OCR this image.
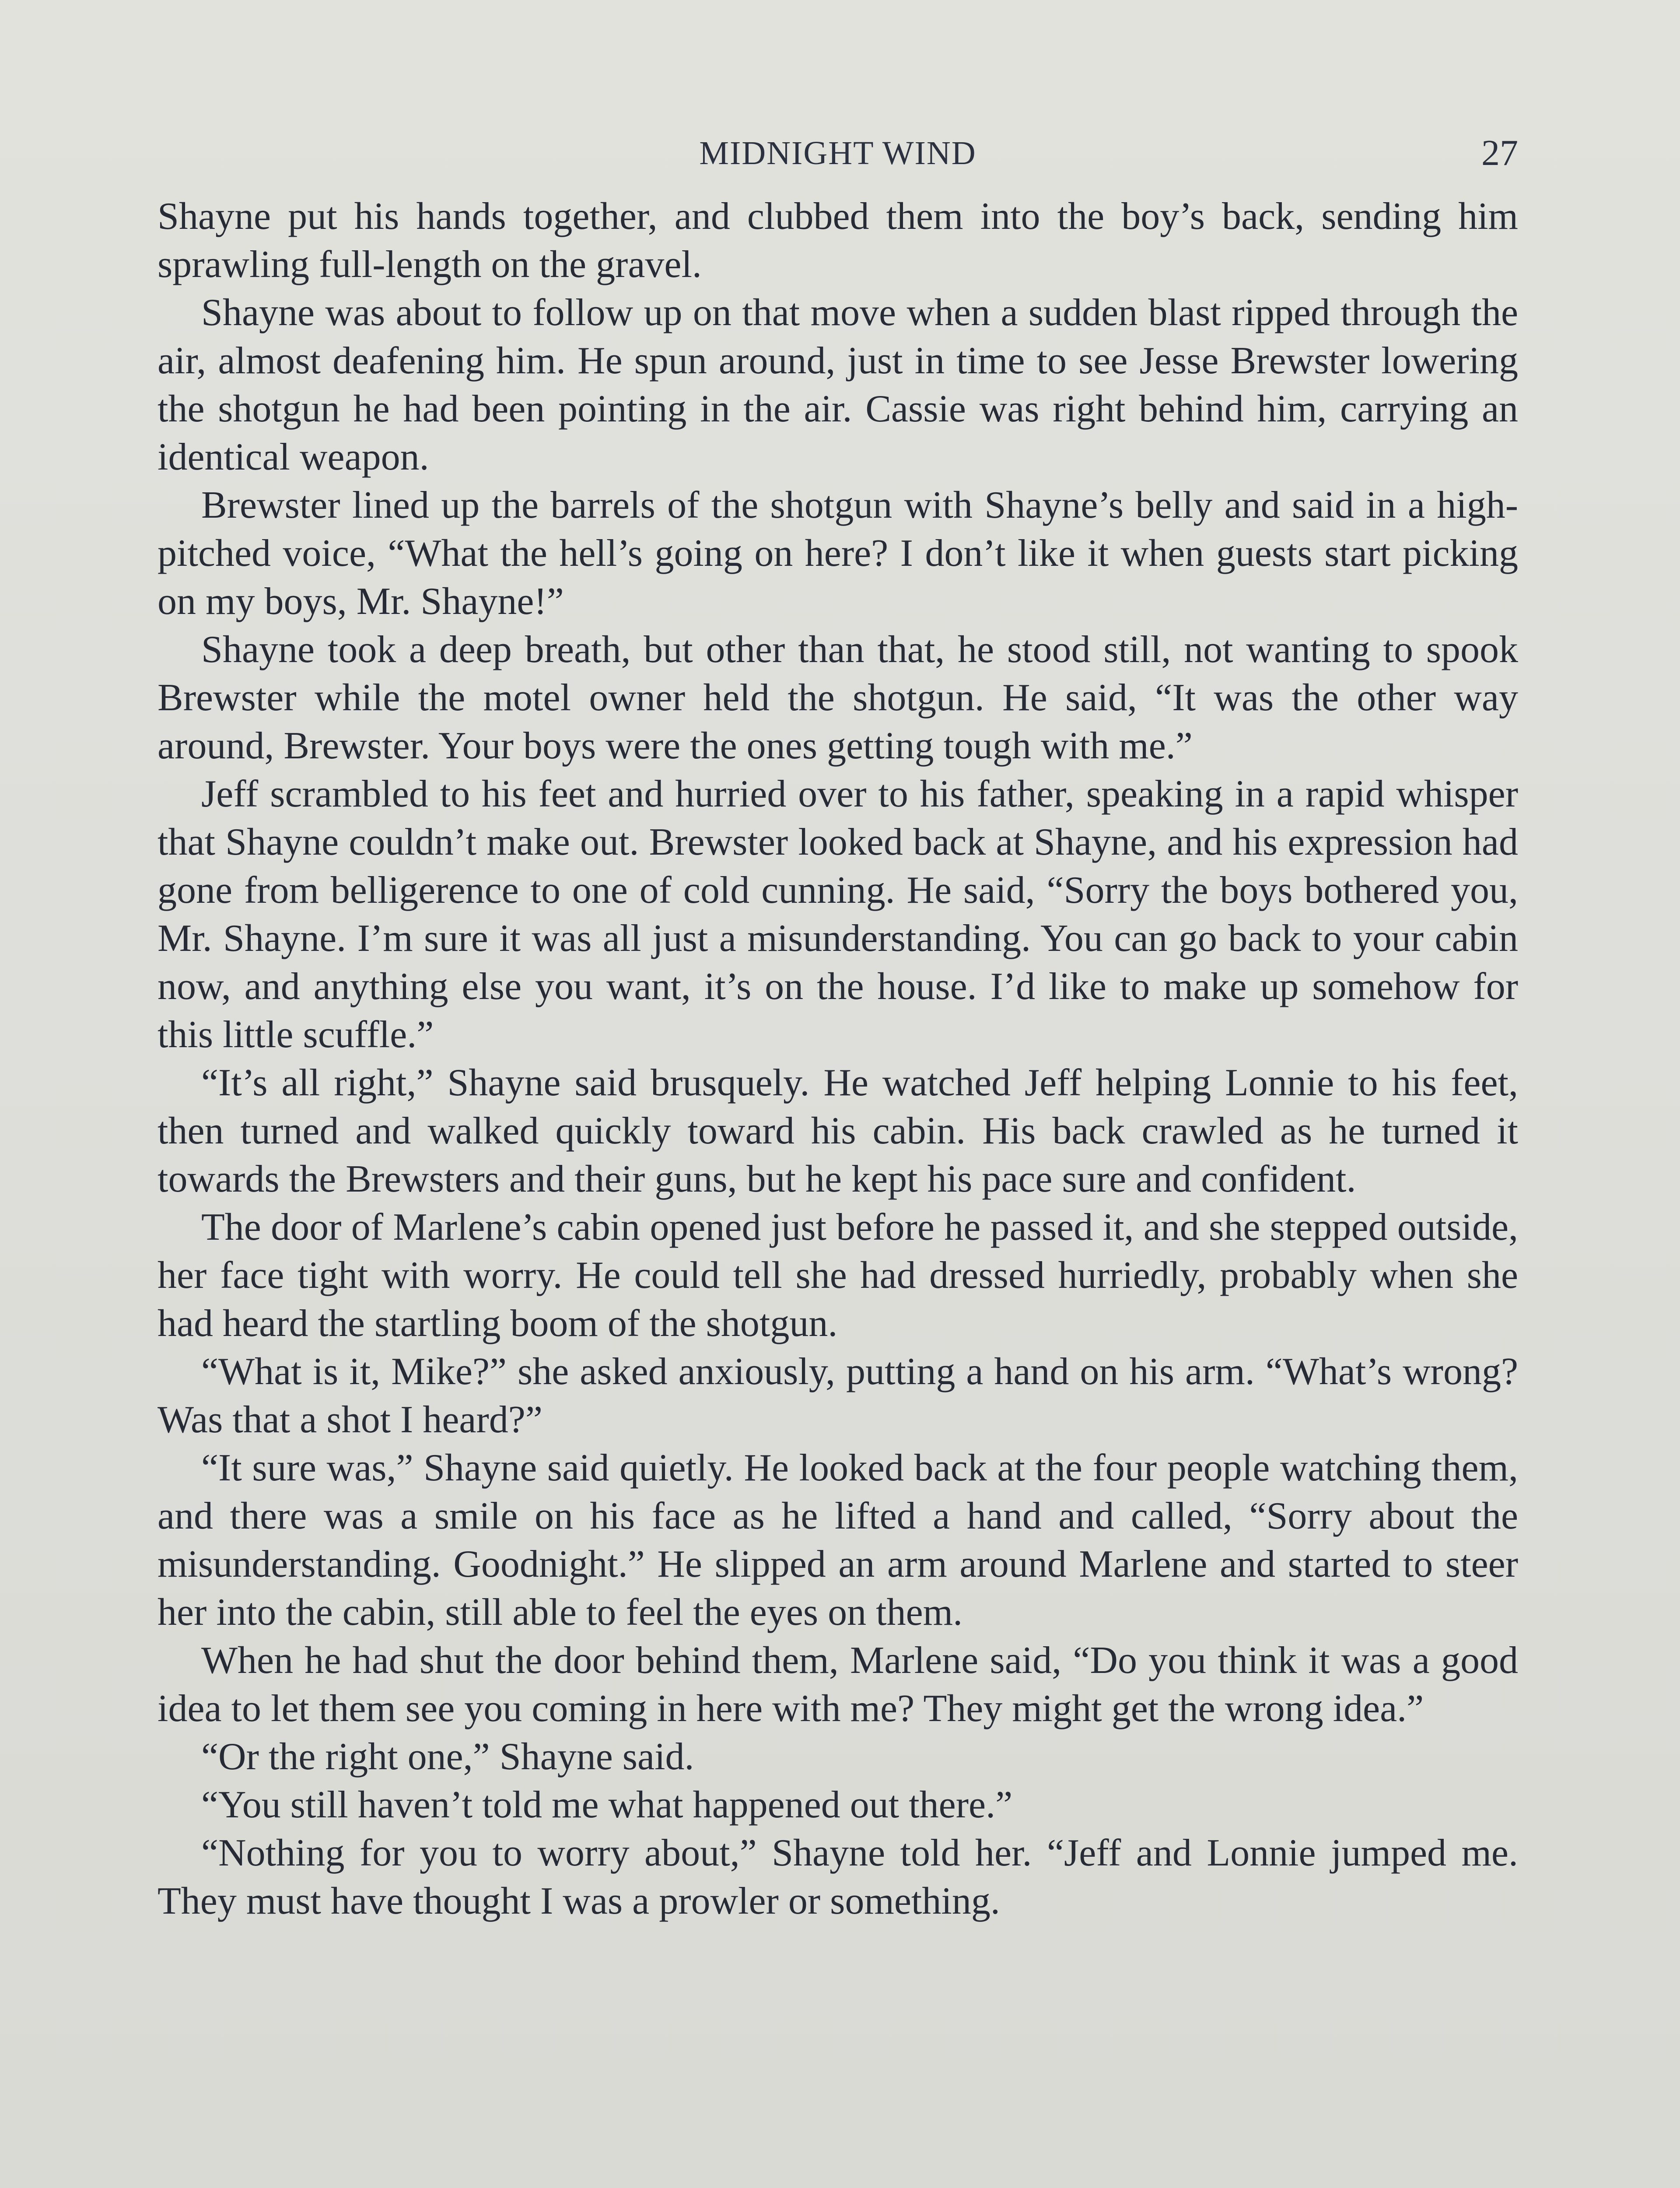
MIDNIGHT WIND	27

Shayne put his hands together, and clubbed them into the boy’s back, sending him sprawling full-length on the gravel.

Shayne was about to follow up on that move when a sudden blast ripped through the air, almost deafening him. He spun around, just in time to see Jesse Brewster lowering the shotgun he had been pointing in the air. Cassie was right behind him, carrying an identical weapon.

Brewster lined up the barrels of the shotgun with Shayne’s belly and said in a high-pitched voice, “What the hell’s going on here? I don’t like it when guests start picking on my boys, Mr. Shayne!”

Shayne took a deep breath, but other than that, he stood still, not wanting to spook Brewster while the motel owner held the shotgun. He said, “It was the other way around, Brewster. Your boys were the ones getting tough with me.”

Jeff scrambled to his feet and hurried over to his father, speaking in a rapid whisper that Shayne couldn’t make out. Brewster looked back at Shayne, and his expression had gone from belligerence to one of cold cunning. He said, “Sorry the boys bothered you, Mr. Shayne. I’m sure it was all just a misunderstanding. You can go back to your cabin now, and anything else you want, it’s on the house. I’d like to make up somehow for this little scuffle.”

“It’s all right,” Shayne said brusquely. He watched Jeff helping Lonnie to his feet, then turned and walked quickly toward his cabin. His back crawled as he turned it towards the Brewsters and their guns, but he kept his pace sure and confident.

The door of Marlene’s cabin opened just before he passed it, and she stepped outside, her face tight with worry. He could tell she had dressed hurriedly, probably when she had heard the startling boom of the shotgun.

“What is it, Mike?” she asked anxiously, putting a hand on his arm. “What’s wrong? Was that a shot I heard?”

“It sure was,” Shayne said quietly. He looked back at the four people watching them, and there was a smile on his face as he lifted a hand and called, “Sorry about the misunderstanding. Goodnight.” He slipped an arm around Marlene and started to steer her into the cabin, still able to feel the eyes on them.

When he had shut the door behind them, Marlene said, “Do you think it was a good idea to let them see you coming in here with me? They might get the wrong idea.”

“Or the right one,” Shayne said.

“You still haven’t told me what happened out there.”

“Nothing for you to worry about,” Shayne told her. “Jeff and Lonnie jumped me. They must have thought I was a prowler or something.
